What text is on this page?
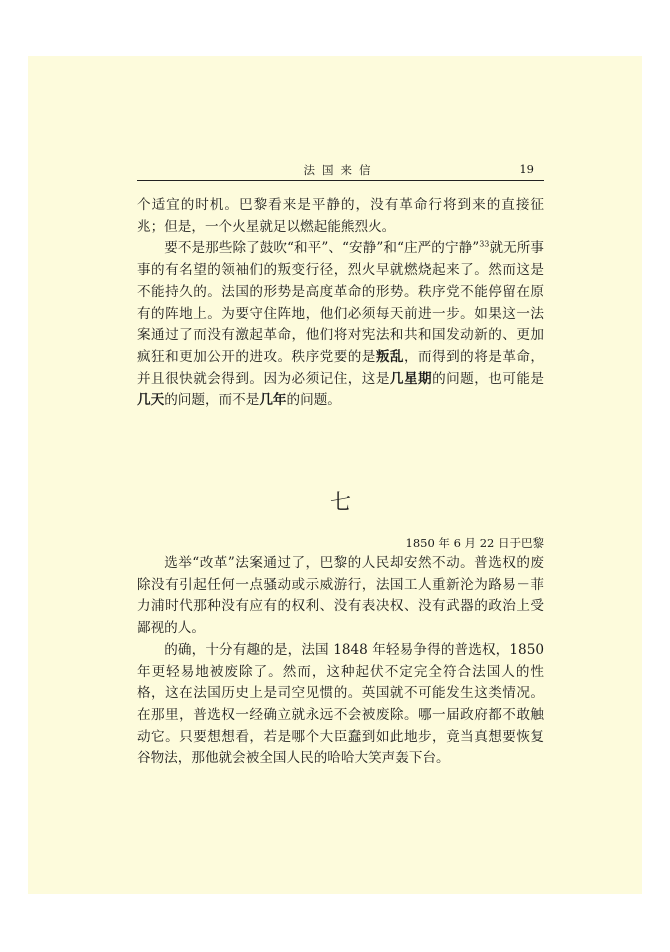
法国来信	19

个适宜的时机。巴黎看来是平静的，没有革命行将到来的直接征兆；但是，一个火星就足以燃起能熊烈火。

要不是那些除了鼓吹“和平”、“安静”和“庄严的宁静”$^{33}$就无所事事的有名望的领袖们的叛变行径，烈火早就燃烧起来了。然而这是不能持久的。法国的形势是高度革命的形势。秩序党不能停留在原有的阵地上。为要守住阵地，他们必须每天前进一步。如果这一法案通过了而没有激起革命，他们将对宪法和共和国发动新的、更加疯狂和更加公开的进攻。秩序党要的是叛乱，而得到的将是革命，并且很快就会得到。因为必须记住，这是几星期的问题，也可能是几天的问题，而不是几年的问题。

七
1850 年 6 月 22 日于巴黎

选举“改革”法案通过了，巴黎的人民却安然不动。普选权的废除没有引起任何一点骚动或示威游行，法国工人重新沦为路易－菲力浦时代那种没有应有的权利、没有表决权、没有武器的政治上受鄙视的人。

的确，十分有趣的是，法国 1848 年轻易争得的普选权，1850 年更轻易地被废除了。然而，这种起伏不定完全符合法国人的性格，这在法国历史上是司空见惯的。英国就不可能发生这类情况。在那里，普选权一经确立就永远不会被废除。哪一届政府都不敢触动它。只要想想看，若是哪个大臣蠢到如此地步，竟当真想要恢复谷物法，那他就会被全国人民的哈哈大笑声轰下台。
